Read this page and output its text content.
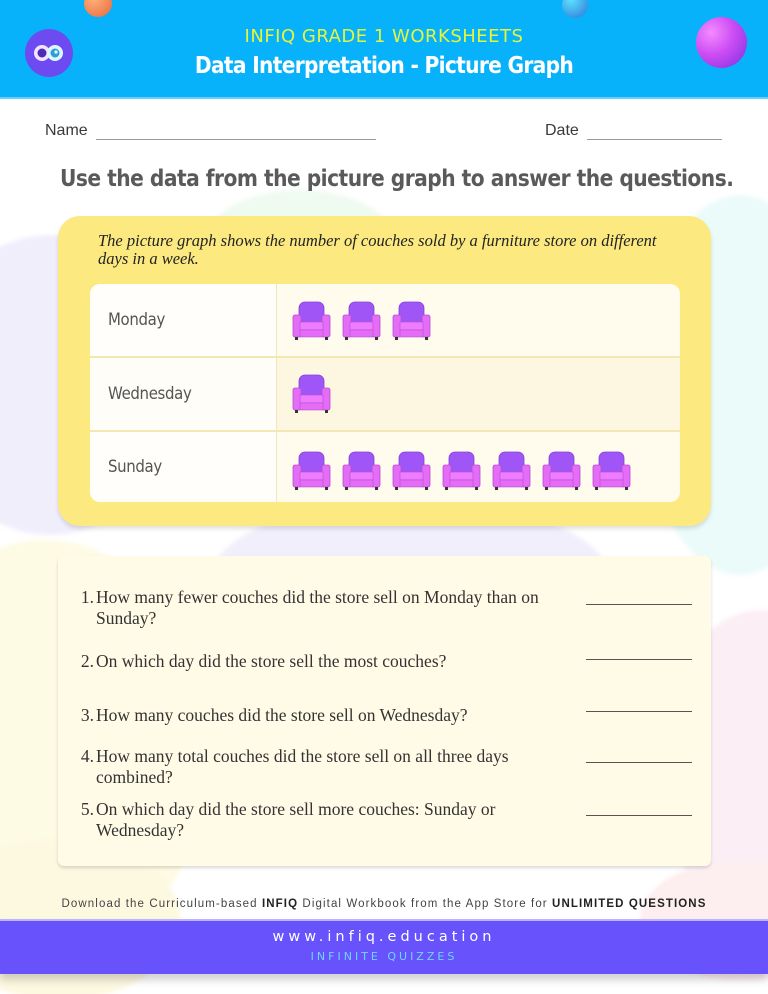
INFIQ GRADE 1 WORKSHEETS
Data Interpretation - Picture Graph
Name	Date
Use the data from the picture graph to answer the questions.
The picture graph shows the number of couches sold by a furniture store on different days in a week.
Monday
Wednesday
Sunday
1. How many fewer couches did the store sell on Monday than on Sunday?
2. On which day did the store sell the most couches?
3. How many couches did the store sell on Wednesday?
4. How many total couches did the store sell on all three days combined?
5. On which day did the store sell more couches: Sunday or Wednesday?
Download the Curriculum-based INFIQ Digital Workbook from the App Store for UNLIMITED QUESTIONS
www.infiq.education
INFINITE QUIZZES
